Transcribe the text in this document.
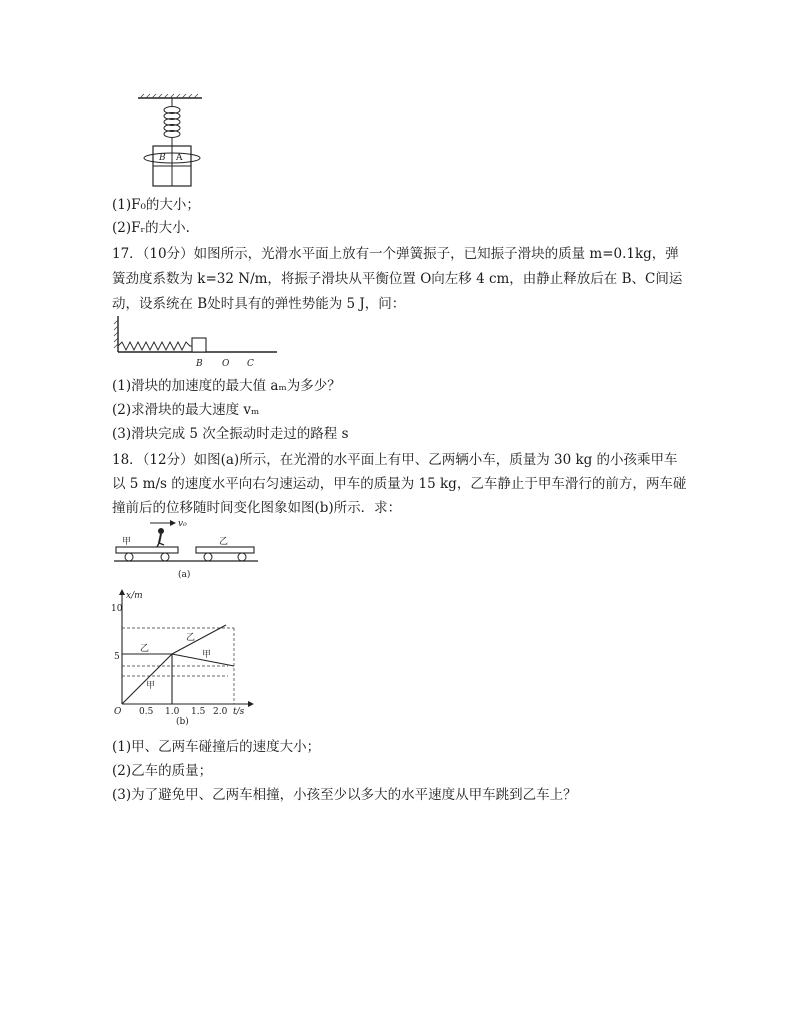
B A
(1)F₀的大小；
(2)Fᵣ的大小.
17．（10分）如图所示，光滑水平面上放有一个弹簧振子，已知振子滑块的质量 m=0.1kg，弹
簧劲度系数为 k=32 N/m，将振子滑块从平衡位置 O向左移 4 cm，由静止释放后在 B、C间运
动，设系统在 B处时具有的弹性势能为 5 J，问：
B O C
(1)滑块的加速度的最大值 aₘ为多少？
(2)求滑块的最大速度 vₘ
(3)滑块完成 5 次全振动时走过的路程 s
18．（12分）如图(a)所示，在光滑的水平面上有甲、乙两辆小车，质量为 30 kg 的小孩乘甲车
以 5 m/s 的速度水平向右匀速运动，甲车的质量为 15 kg，乙车静止于甲车滑行的前方，两车碰
撞前后的位移随时间变化图象如图(b)所示．求：
v₀
甲	乙
(a)
x/m
t/s
O
10
5
0.5 1.0 1.5 2.0
乙
甲
乙
甲
(b)
(1)甲、乙两车碰撞后的速度大小；
(2)乙车的质量；
(3)为了避免甲、乙两车相撞，小孩至少以多大的水平速度从甲车跳到乙车上？
